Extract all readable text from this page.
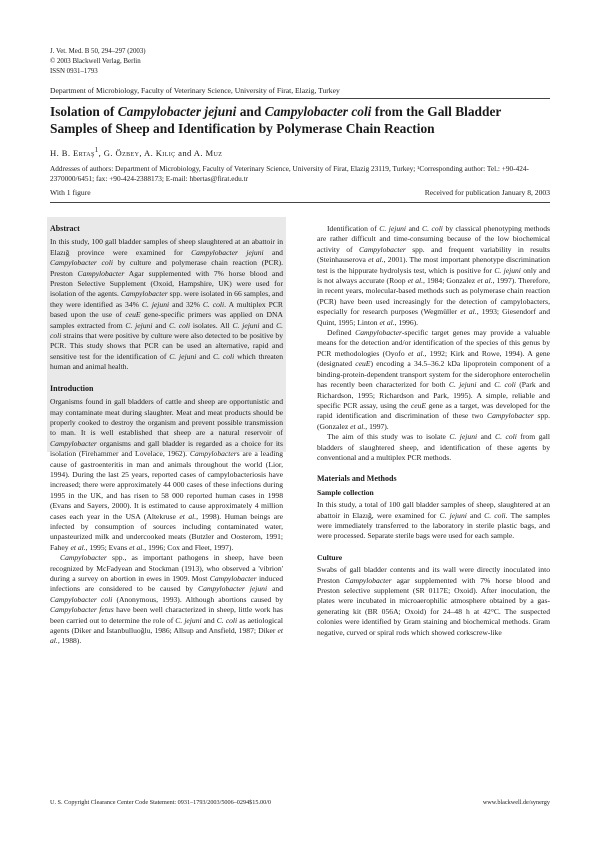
J. Vet. Med. B 50, 294–297 (2003)
© 2003 Blackwell Verlag, Berlin
ISSN 0931–1793
Department of Microbiology, Faculty of Veterinary Science, University of Firat, Elazig, Turkey
Isolation of Campylobacter jejuni and Campylobacter coli from the Gall Bladder Samples of Sheep and Identification by Polymerase Chain Reaction
H. B. Ertaş$^1$, G. Özbey, A. Kiliç and A. Muz
Addresses of authors: Department of Microbiology, Faculty of Veterinary Science, University of Firat, Elazig 23119, Turkey; ¹Corresponding author: Tel.: +90-424-2370000/6451; fax: +90-424-2388173; E-mail: hbertas@firat.edu.tr
With 1 figure	Received for publication January 8, 2003
Abstract

In this study, 100 gall bladder samples of sheep slaughtered at an abattoir in Elazığ province were examined for Campylobacter jejuni and Campylobacter coli by culture and polymerase chain reaction (PCR). Preston Campylobacter Agar supplemented with 7% horse blood and Preston Selective Supplement (Oxoid, Hampshire, UK) were used for isolation of the agents. Campylobacter spp. were isolated in 66 samples, and they were identified as 34% C. jejuni and 32% C. coli. A multiplex PCR based upon the use of ceuE gene-specific primers was applied on DNA samples extracted from C. jejuni and C. coli isolates. All C. jejuni and C. coli strains that were positive by culture were also detected to be positive by PCR. This study shows that PCR can be used an alternative, rapid and sensitive test for the identification of C. jejuni and C. coli which threaten human and animal health.

Introduction

Organisms found in gall bladders of cattle and sheep are opportunistic and may contaminate meat during slaughter. Meat and meat products should be properly cooked to destroy the organism and prevent possible transmission to man. It is well established that sheep are a natural reservoir of Campylobacter organisms and gall bladder is regarded as a choice for its isolation (Firehammer and Lovelace, 1962). Campylobacters are a leading cause of gastroenteritis in man and animals throughout the world (Lior, 1994). During the last 25 years, reported cases of campylobacteriosis have increased; there were approximately 44 000 cases of these infections during 1995 in the UK, and has risen to 58 000 reported human cases in 1998 (Evans and Sayers, 2000). It is estimated to cause approximately 4 million cases each year in the USA (Altekruse et al., 1998). Human beings are infected by consumption of sources including contaminated water, unpasteurized milk and undercooked meats (Butzler and Oosterom, 1991; Fahey et al., 1995; Evans et al., 1996; Cox and Fleet, 1997).

Campylobacter spp., as important pathogens in sheep, have been recognized by McFadyean and Stockman (1913), who observed a 'vibrion' during a survey on abortion in ewes in 1909. Most Campylobacter induced infections are considered to be caused by Campylobacter jejuni and Campylobacter coli (Anonymous, 1993). Although abortions caused by Campylobacter fetus have been well characterized in sheep, little work has been carried out to determine the role of C. jejuni and C. coli as aetiological agents (Diker and İstanbulluoğlu, 1986; Allsup and Ansfield, 1987; Diker et al., 1988).

Identification of C. jejuni and C. coli by classical phenotyping methods are rather difficult and time-consuming because of the low biochemical activity of Campylobacter spp. and frequent variability in results (Steinhauserova et al., 2001). The most important phenotype discrimination test is the hippurate hydrolysis test, which is positive for C. jejuni only and is not always accurate (Roop et al., 1984; Gonzalez et al., 1997). Therefore, in recent years, molecular-based methods such as polymerase chain reaction (PCR) have been used increasingly for the detection of campylobacters, especially for research purposes (Wegmüller et al., 1993; Giesendorf and Quint, 1995; Linton et al., 1996).

Defined Campylobacter-specific target genes may provide a valuable means for the detection and/or identification of the species of this genus by PCR methodologies (Oyofo et al., 1992; Kirk and Rowe, 1994). A gene (designated ceuE) encoding a 34.5–36.2 kDa lipoprotein component of a binding-protein-dependent transport system for the siderophore enterochelin has recently been characterized for both C. jejuni and C. coli (Park and Richardson, 1995; Richardson and Park, 1995). A simple, reliable and specific PCR assay, using the ceuE gene as a target, was developed for the rapid identification and discrimination of these two Campylobacter spp. (Gonzalez et al., 1997).

The aim of this study was to isolate C. jejuni and C. coli from gall bladders of slaughtered sheep, and identification of these agents by conventional and a multiplex PCR methods.

Materials and Methods
Sample collection

In this study, a total of 100 gall bladder samples of sheep, slaughtered at an abattoir in Elazığ, were examined for C. jejuni and C. coli. The samples were immediately transferred to the laboratory in sterile plastic bags, and were processed. Separate sterile bags were used for each sample.

Culture

Swabs of gall bladder contents and its wall were directly inoculated into Preston Campylobacter agar supplemented with 7% horse blood and Preston selective supplement (SR 0117E; Oxoid). After inoculation, the plates were incubated in microaerophilic atmosphere obtained by a gas-generating kit (BR 056A; Oxoid) for 24–48 h at 42°C. The suspected colonies were identified by Gram staining and biochemical methods. Gram negative, curved or spiral rods which showed corkscrew-like

U. S. Copyright Clearance Center Code Statement: 0931–1793/2003/5006–0294$15.00/0	www.blackwell.de/synergy
